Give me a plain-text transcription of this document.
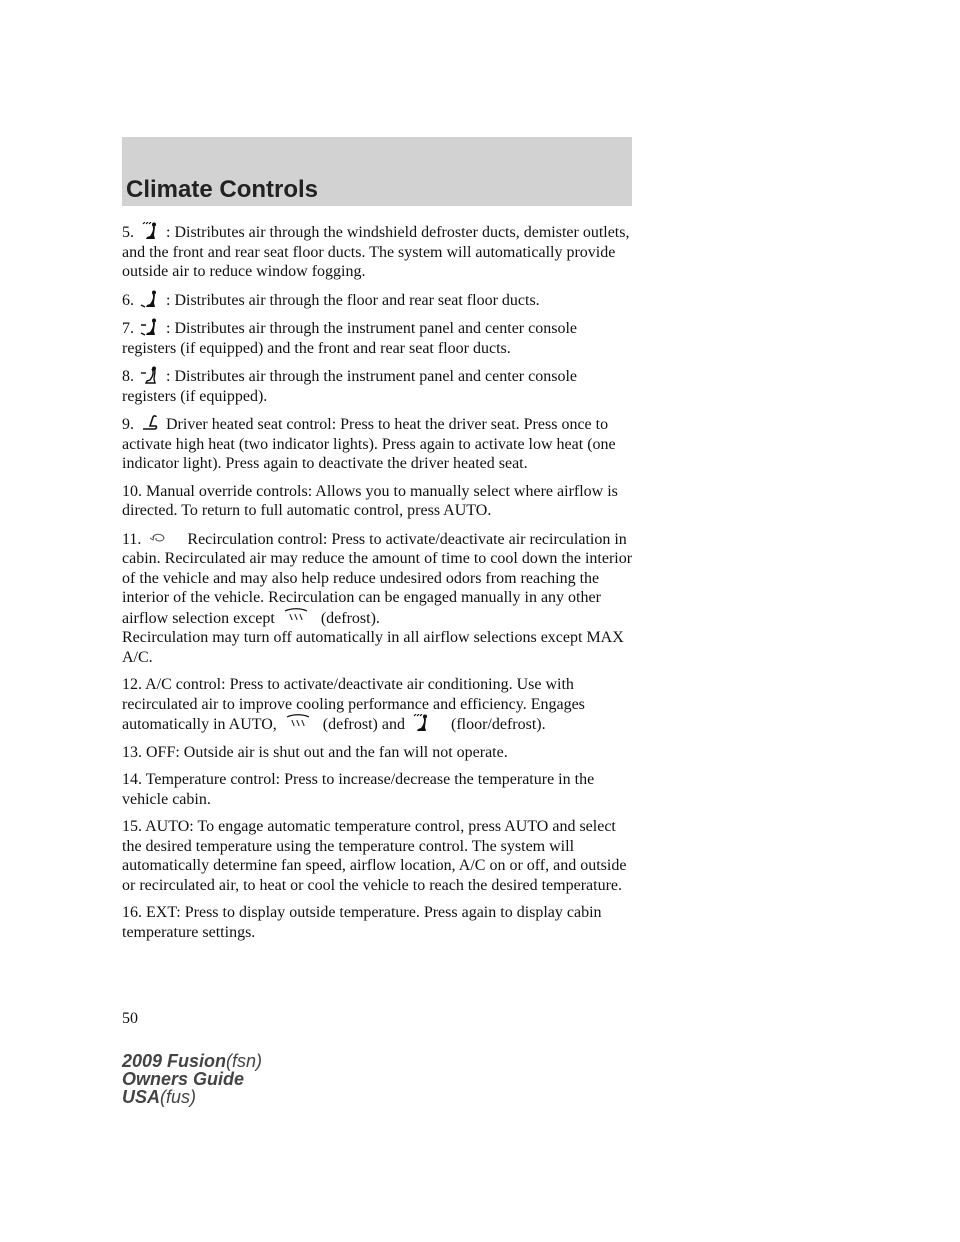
Climate Controls

5. : Distributes air through the windshield defroster ducts, demister outlets, and the front and rear seat floor ducts. The system will automatically provide outside air to reduce window fogging.

6. : Distributes air through the floor and rear seat floor ducts.

7. : Distributes air through the instrument panel and center console registers (if equipped) and the front and rear seat floor ducts.

8. : Distributes air through the instrument panel and center console registers (if equipped).

9. Driver heated seat control: Press to heat the driver seat. Press once to activate high heat (two indicator lights). Press again to activate low heat (one indicator light). Press again to deactivate the driver heated seat.

10. Manual override controls: Allows you to manually select where airflow is directed. To return to full automatic control, press AUTO.

11.	Recirculation control: Press to activate/deactivate air recirculation in cabin. Recirculated air may reduce the amount of time to cool down the interior of the vehicle and may also help reduce undesired odors from reaching the interior of the vehicle. Recirculation can be engaged manually in any other airflow selection except	(defrost).
Recirculation may turn off automatically in all airflow selections except MAX A/C.

12. A/C control: Press to activate/deactivate air conditioning. Use with recirculated air to improve cooling performance and efficiency. Engages automatically in AUTO,	(defrost) and	(floor/defrost).

13. OFF: Outside air is shut out and the fan will not operate.

14. Temperature control: Press to increase/decrease the temperature in the vehicle cabin.

15. AUTO: To engage automatic temperature control, press AUTO and select the desired temperature using the temperature control. The system will automatically determine fan speed, airflow location, A/C on or off, and outside or recirculated air, to heat or cool the vehicle to reach the desired temperature.

16. EXT: Press to display outside temperature. Press again to display cabin temperature settings.

50
2009 Fusion(fsn)
Owners Guide
USA(fus)
